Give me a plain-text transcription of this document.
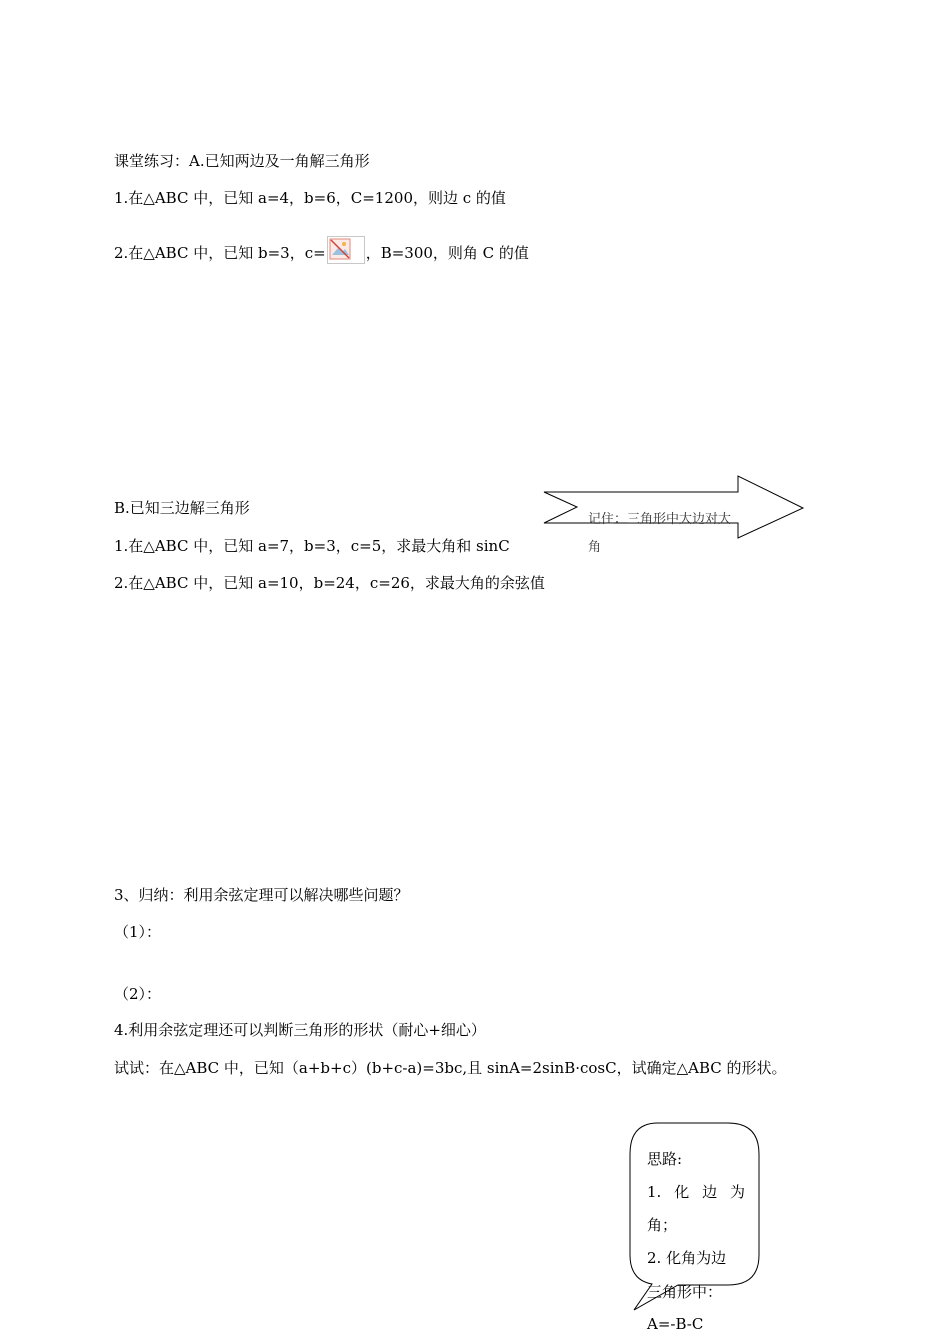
课堂练习：A.已知两边及一角解三角形
1.在△ABC 中，已知 a=4，b=6，C=1200，则边 c 的值
2.在△ABC 中，已知 b=3，c=	，B=300，则角 C 的值
B.已知三边解三角形
1.在△ABC 中，已知 a=7，b=3，c=5，求最大角和 sinC
2.在△ABC 中，已知 a=10，b=24，c=26，求最大角的余弦值
记住：三角形中大边对大
角
3、归纳：利用余弦定理可以解决哪些问题？
（1）：
（2）：
4.利用余弦定理还可以判断三角形的形状（耐心+细心）
试试：在△ABC 中，已知（a+b+c）(b+c-a)=3bc,且 sinA=2sinB·cosC，试确定△ABC 的形状。
思路:
1. 化 边 为
角；
2. 化角为边
三角形中：
A=-B-C
